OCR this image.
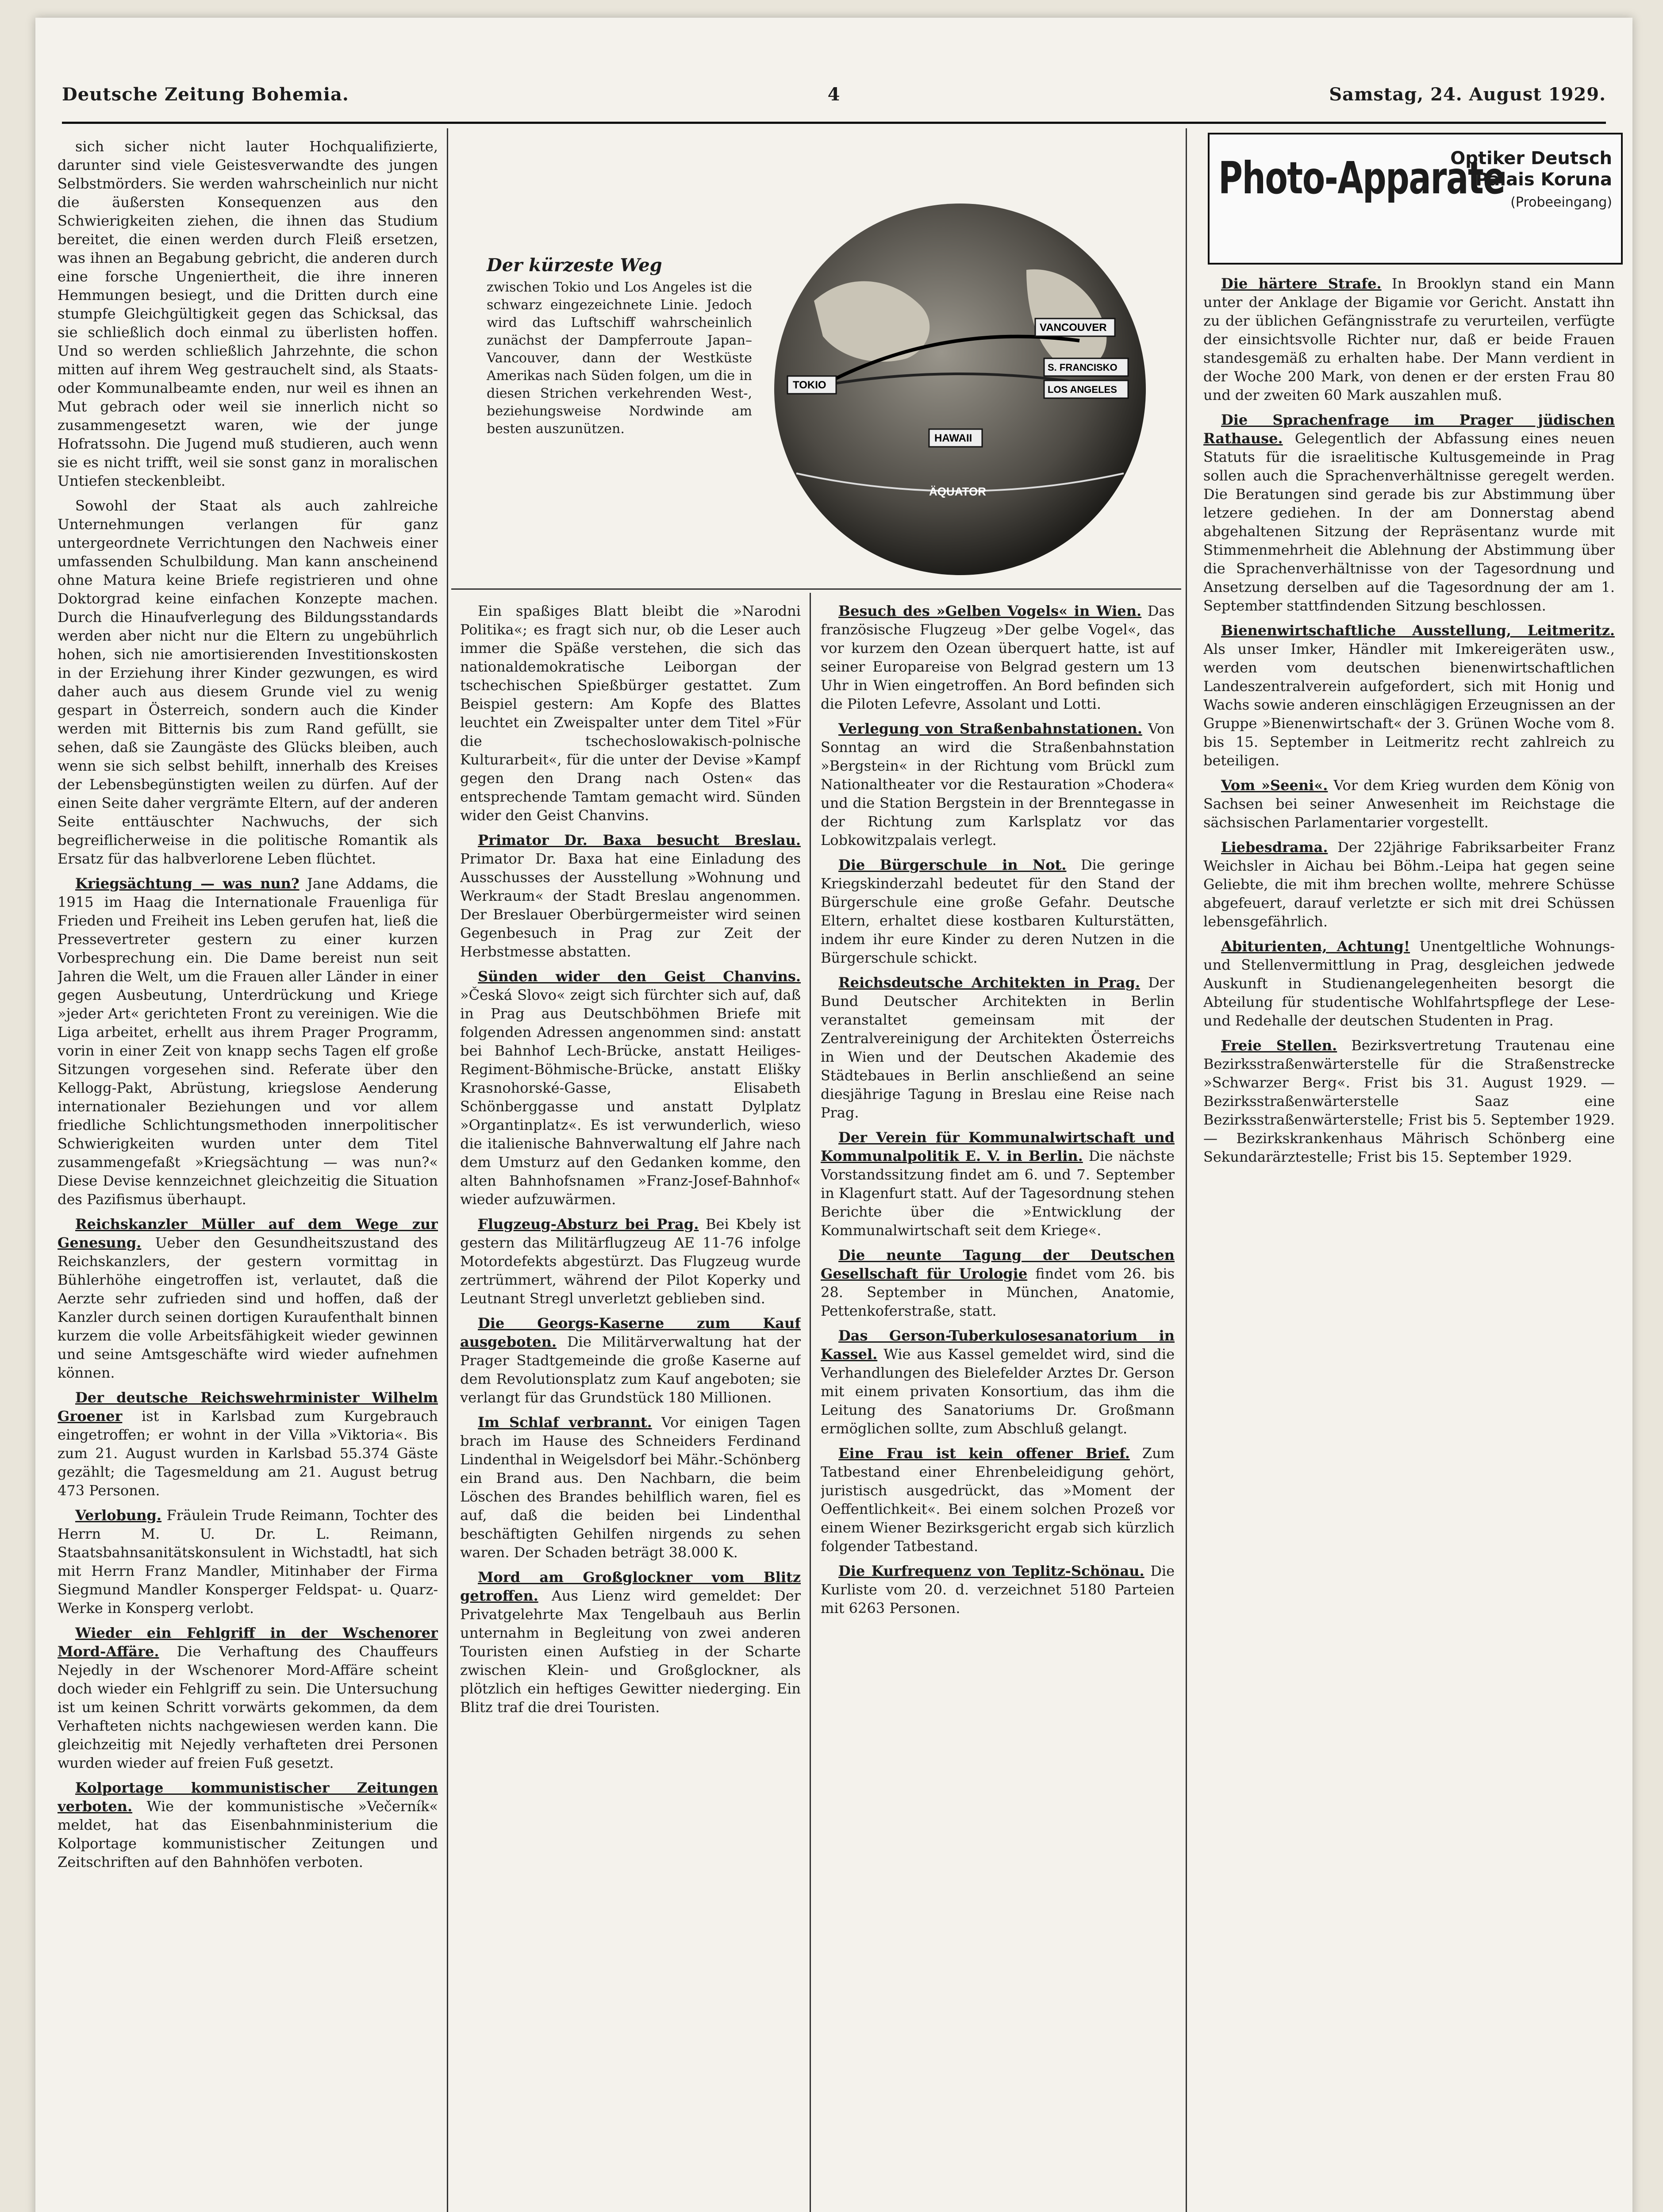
Deutsche Zeitung Bohemia.	4	Samstag, 24. August 1929.

sich sicher nicht lauter Hochqualifizierte, darunter sind viele Geistesverwandte des jungen Selbstmörders. Sie werden wahrscheinlich nur nicht die äußersten Konsequenzen aus den Schwierigkeiten ziehen, die ihnen das Studium bereitet, die einen werden durch Fleiß ersetzen, was ihnen an Begabung gebricht, die anderen durch eine forsche Ungeniertheit, die ihre inneren Hemmungen besiegt, und die Dritten durch eine stumpfe Gleichgültigkeit gegen das Schicksal, das sie schließlich doch einmal zu überlisten hoffen. Und so werden schließlich Jahrzehnte, die schon mitten auf ihrem Weg gestrauchelt sind, als Staats- oder Kommunalbeamte enden, nur weil es ihnen an Mut gebrach oder weil sie innerlich nicht so zusammengesetzt waren, wie der junge Hofratssohn. Die Jugend muß studieren, auch wenn sie es nicht trifft, weil sie sonst ganz in moralischen Untiefen steckenbleibt.

Sowohl der Staat als auch zahlreiche Unternehmungen verlangen für ganz untergeordnete Verrichtungen den Nachweis einer umfassenden Schulbildung. Man kann anscheinend ohne Matura keine Briefe registrieren und ohne Doktorgrad keine einfachen Konzepte machen. Durch die Hinaufverlegung des Bildungsstandards werden aber nicht nur die Eltern zu ungebührlich hohen, sich nie amortisierenden Investitionskosten in der Erziehung ihrer Kinder gezwungen, es wird daher auch aus diesem Grunde viel zu wenig gespart in Österreich, sondern auch die Kinder werden mit Bitternis bis zum Rand gefüllt, sie sehen, daß sie Zaungäste des Glücks bleiben, auch wenn sie sich selbst behilft, innerhalb des Kreises der Lebensbegünstigten weilen zu dürfen. Auf der einen Seite daher vergrämte Eltern, auf der anderen Seite enttäuschter Nachwuchs, der sich begreiflicherweise in die politische Romantik als Ersatz für das halbverlorene Leben flüchtet.

Kriegsächtung — was nun? Jane Addams, die 1915 im Haag die Internationale Frauenliga für Frieden und Freiheit ins Leben gerufen hat, ließ die Pressevertreter gestern zu einer kurzen Vorbesprechung ein. Die Dame bereist nun seit Jahren die Welt, um die Frauen aller Länder in einer gegen Ausbeutung, Unterdrückung und Kriege »jeder Art« gerichteten Front zu vereinigen. Wie die Liga arbeitet, erhellt aus ihrem Prager Programm, vorin in einer Zeit von knapp sechs Tagen elf große Sitzungen vorgesehen sind. Referate über den Kellogg-Pakt, Abrüstung, kriegslose Aenderung internationaler Beziehungen und vor allem friedliche Schlichtungsmethoden innerpolitischer Schwierigkeiten wurden unter dem Titel zusammengefaßt »Kriegsächtung — was nun?« Diese Devise kennzeichnet gleichzeitig die Situation des Pazifismus überhaupt.

Reichskanzler Müller auf dem Wege zur Genesung. Ueber den Gesundheitszustand des Reichskanzlers, der gestern vormittag in Bühlerhöhe eingetroffen ist, verlautet, daß die Aerzte sehr zufrieden sind und hoffen, daß der Kanzler durch seinen dortigen Kuraufenthalt binnen kurzem die volle Arbeitsfähigkeit wieder gewinnen und seine Amtsgeschäfte wird wieder aufnehmen können.

Der deutsche Reichswehrminister Wilhelm Groener ist in Karlsbad zum Kurgebrauch eingetroffen; er wohnt in der Villa »Viktoria«. Bis zum 21. August wurden in Karlsbad 55.374 Gäste gezählt; die Tagesmeldung am 21. August betrug 473 Personen.

Verlobung. Fräulein Trude Reimann, Tochter des Herrn M. U. Dr. L. Reimann, Staatsbahnsanitätskonsulent in Wichstadtl, hat sich mit Herrn Franz Mandler, Mitinhaber der Firma Siegmund Mandler Konsperger Feldspat- u. Quarz-Werke in Konsperg verlobt.

Wieder ein Fehlgriff in der Wschenorer Mord-Affäre. Die Verhaftung des Chauffeurs Nejedly in der Wschenorer Mord-Affäre scheint doch wieder ein Fehlgriff zu sein. Die Untersuchung ist um keinen Schritt vorwärts gekommen, da dem Verhafteten nichts nachgewiesen werden kann. Die gleichzeitig mit Nejedly verhafteten drei Personen wurden wieder auf freien Fuß gesetzt.

Kolportage kommunistischer Zeitungen verboten. Wie der kommunistische »Večerník« meldet, hat das Eisenbahnministerium die Kolportage kommunistischer Zeitungen und Zeitschriften auf den Bahnhöfen verboten.

VANCOUVER
S. FRANCISKO
LOS ANGELES
TOKIO
HAWAII
ÄQUATOR
Der kürzeste Weg
zwischen Tokio und Los Angeles ist die schwarz eingezeichnete Linie. Jedoch wird das Luftschiff wahrscheinlich zunächst der Dampferroute Japan–Vancouver, dann der Westküste Amerikas nach Süden folgen, um die in diesen Strichen verkehrenden West-, beziehungsweise Nordwinde am besten auszunützen.

Ein spaßiges Blatt bleibt die »Narodni Politika«; es fragt sich nur, ob die Leser auch immer die Späße verstehen, die sich das nationaldemokratische Leiborgan der tschechischen Spießbürger gestattet. Zum Beispiel gestern: Am Kopfe des Blattes leuchtet ein Zweispalter unter dem Titel »Für die tschechoslowakisch-polnische Kulturarbeit«, für die unter der Devise »Kampf gegen den Drang nach Osten« das entsprechende Tamtam gemacht wird. Sünden wider den Geist Chanvins.

Primator Dr. Baxa besucht Breslau. Primator Dr. Baxa hat eine Einladung des Ausschusses der Ausstellung »Wohnung und Werkraum« der Stadt Breslau angenommen. Der Breslauer Oberbürgermeister wird seinen Gegenbesuch in Prag zur Zeit der Herbstmesse abstatten.

Sünden wider den Geist Chanvins. »Česká Slovo« zeigt sich fürchter sich auf, daß in Prag aus Deutschböhmen Briefe mit folgenden Adressen angenommen sind: anstatt bei Bahnhof Lech-Brücke, anstatt Heiliges-Regiment-Böhmische-Brücke, anstatt Elišky Krasnohorské-Gasse, Elisabeth Schönberggasse und anstatt Dylplatz »Organtinplatz«. Es ist verwunderlich, wieso die italienische Bahnverwaltung elf Jahre nach dem Umsturz auf den Gedanken komme, den alten Bahnhofsnamen »Franz-Josef-Bahnhof« wieder aufzuwärmen.

Flugzeug-Absturz bei Prag. Bei Kbely ist gestern das Militärflugzeug AE 11-76 infolge Motordefekts abgestürzt. Das Flugzeug wurde zertrümmert, während der Pilot Koperky und Leutnant Stregl unverletzt geblieben sind.

Die Georgs-Kaserne zum Kauf ausgeboten. Die Militärverwaltung hat der Prager Stadtgemeinde die große Kaserne auf dem Revolutionsplatz zum Kauf angeboten; sie verlangt für das Grundstück 180 Millionen.

Im Schlaf verbrannt. Vor einigen Tagen brach im Hause des Schneiders Ferdinand Lindenthal in Weigelsdorf bei Mähr.-Schönberg ein Brand aus. Den Nachbarn, die beim Löschen des Brandes behilflich waren, fiel es auf, daß die beiden bei Lindenthal beschäftigten Gehilfen nirgends zu sehen waren. Der Schaden beträgt 38.000 K.

Mord am Großglockner vom Blitz getroffen. Aus Lienz wird gemeldet: Der Privatgelehrte Max Tengelbauh aus Berlin unternahm in Begleitung von zwei anderen Touristen einen Aufstieg in der Scharte zwischen Klein- und Großglockner, als plötzlich ein heftiges Gewitter niederging. Ein Blitz traf die drei Touristen.

Besuch des »Gelben Vogels« in Wien. Das französische Flugzeug »Der gelbe Vogel«, das vor kurzem den Ozean überquert hatte, ist auf seiner Europareise von Belgrad gestern um 13 Uhr in Wien eingetroffen. An Bord befinden sich die Piloten Lefevre, Assolant und Lotti.

Verlegung von Straßenbahnstationen. Von Sonntag an wird die Straßenbahnstation »Bergstein« in der Richtung vom Brückl zum Nationaltheater vor die Restauration »Chodera« und die Station Bergstein in der Brenntegasse in der Richtung zum Karlsplatz vor das Lobkowitzpalais verlegt.

Die Bürgerschule in Not. Die geringe Kriegskinderzahl bedeutet für den Stand der Bürgerschule eine große Gefahr. Deutsche Eltern, erhaltet diese kostbaren Kulturstätten, indem ihr eure Kinder zu deren Nutzen in die Bürgerschule schickt.

Reichsdeutsche Architekten in Prag. Der Bund Deutscher Architekten in Berlin veranstaltet gemeinsam mit der Zentralvereinigung der Architekten Österreichs in Wien und der Deutschen Akademie des Städtebaues in Berlin anschließend an seine diesjährige Tagung in Breslau eine Reise nach Prag.

Der Verein für Kommunalwirtschaft und Kommunalpolitik E. V. in Berlin. Die nächste Vorstandssitzung findet am 6. und 7. September in Klagenfurt statt. Auf der Tagesordnung stehen Berichte über die »Entwicklung der Kommunalwirtschaft seit dem Kriege«.

Die neunte Tagung der Deutschen Gesellschaft für Urologie findet vom 26. bis 28. September in München, Anatomie, Pettenkoferstraße, statt.

Das Gerson-Tuberkulosesanatorium in Kassel. Wie aus Kassel gemeldet wird, sind die Verhandlungen des Bielefelder Arztes Dr. Gerson mit einem privaten Konsortium, das ihm die Leitung des Sanatoriums Dr. Großmann ermöglichen sollte, zum Abschluß gelangt.

Eine Frau ist kein offener Brief. Zum Tatbestand einer Ehrenbeleidigung gehört, juristisch ausgedrückt, das »Moment der Oeffentlichkeit«. Bei einem solchen Prozeß vor einem Wiener Bezirksgericht ergab sich kürzlich folgender Tatbestand.

Die Kurfrequenz von Teplitz-Schönau. Die Kurliste vom 20. d. verzeichnet 5180 Parteien mit 6263 Personen.

Photo-Apparate
Optiker Deutsch
Palais Koruna
(Probeeingang)

Die härtere Strafe. In Brooklyn stand ein Mann unter der Anklage der Bigamie vor Gericht. Anstatt ihn zu der üblichen Gefängnisstrafe zu verurteilen, verfügte der einsichtsvolle Richter nur, daß er beide Frauen standesgemäß zu erhalten habe. Der Mann verdient in der Woche 200 Mark, von denen er der ersten Frau 80 und der zweiten 60 Mark auszahlen muß.

Die Sprachenfrage im Prager jüdischen Rathause. Gelegentlich der Abfassung eines neuen Statuts für die israelitische Kultusgemeinde in Prag sollen auch die Sprachenverhältnisse geregelt werden. Die Beratungen sind gerade bis zur Abstimmung über letzere gediehen. In der am Donnerstag abend abgehaltenen Sitzung der Repräsentanz wurde mit Stimmenmehrheit die Ablehnung der Abstimmung über die Sprachenverhältnisse von der Tagesordnung und Ansetzung derselben auf die Tagesordnung der am 1. September stattfindenden Sitzung beschlossen.

Bienenwirtschaftliche Ausstellung, Leitmeritz. Als unser Imker, Händler mit Imkereigeräten usw., werden vom deutschen bienenwirtschaftlichen Landeszentralverein aufgefordert, sich mit Honig und Wachs sowie anderen einschlägigen Erzeugnissen an der Gruppe »Bienenwirtschaft« der 3. Grünen Woche vom 8. bis 15. September in Leitmeritz recht zahlreich zu beteiligen.

Vom »Seeni«. Vor dem Krieg wurden dem König von Sachsen bei seiner Anwesenheit im Reichstage die sächsischen Parlamentarier vorgestellt.

Liebesdrama. Der 22jährige Fabriksarbeiter Franz Weichsler in Aichau bei Böhm.-Leipa hat gegen seine Geliebte, die mit ihm brechen wollte, mehrere Schüsse abgefeuert, darauf verletzte er sich mit drei Schüssen lebensgefährlich.

Abiturienten, Achtung! Unentgeltliche Wohnungs- und Stellenvermittlung in Prag, desgleichen jedwede Auskunft in Studienangelegenheiten besorgt die Abteilung für studentische Wohlfahrtspflege der Lese- und Redehalle der deutschen Studenten in Prag.

Freie Stellen. Bezirksvertretung Trautenau eine Bezirksstraßenwärterstelle für die Straßenstrecke »Schwarzer Berg«. Frist bis 31. August 1929. — Bezirksstraßenwärterstelle Saaz eine Bezirksstraßenwärterstelle; Frist bis 5. September 1929. — Bezirkskrankenhaus Mährisch Schönberg eine Sekundarärztestelle; Frist bis 15. September 1929.
